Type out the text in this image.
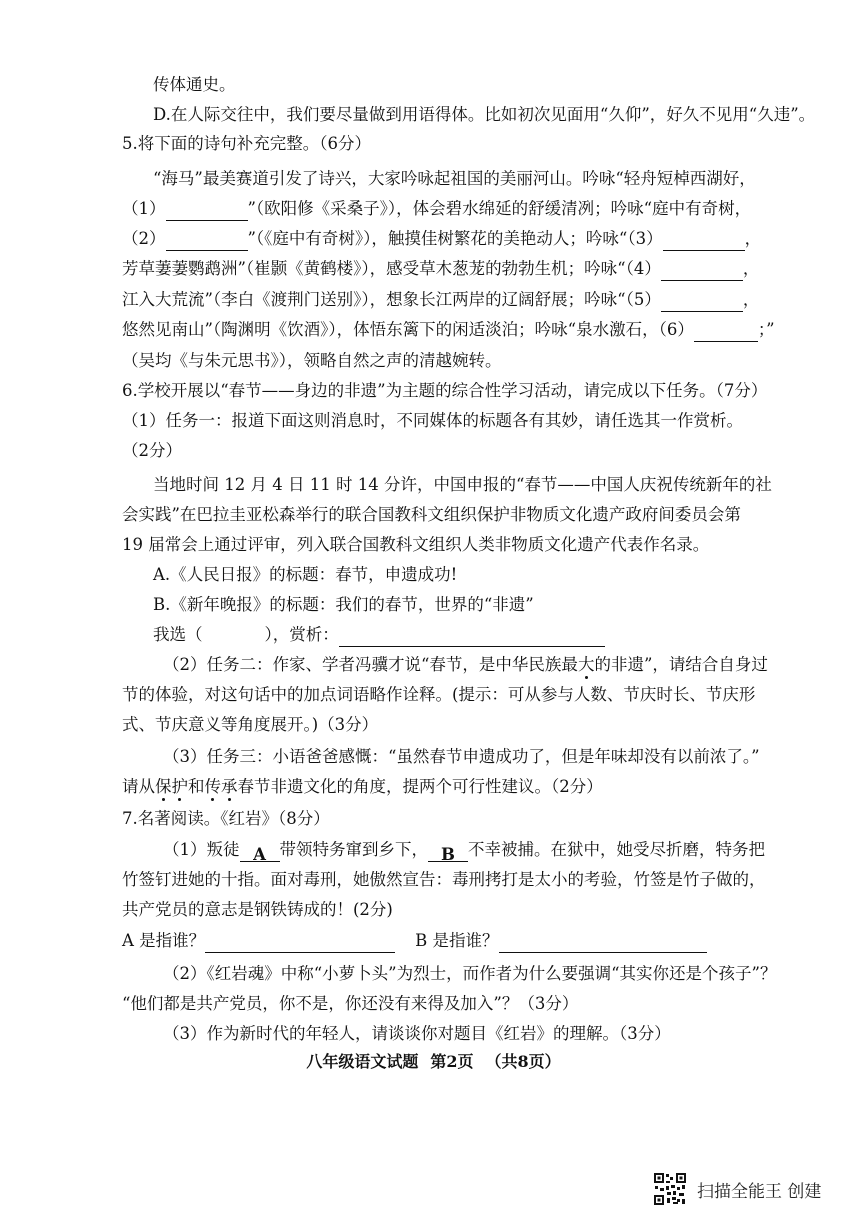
传体通史。
D.在人际交往中，我们要尽量做到用语得体。比如初次见面用“久仰”，好久不见用“久违”。
5.将下面的诗句补充完整。（6分）
“海马”最美赛道引发了诗兴，大家吟咏起祖国的美丽河山。吟咏“轻舟短棹西湖好，
（1）	”（欧阳修《采桑子》），体会碧水绵延的舒缓清冽；吟咏“庭中有奇树，
（2）	”（《庭中有奇树》），触摸佳树繁花的美艳动人；吟咏“（3）	，
芳草萋萋鹦鹉洲”（崔颢《黄鹤楼》），感受草木葱茏的勃勃生机；吟咏“（4）	，
江入大荒流”（李白《渡荆门送别》），想象长江两岸的辽阔舒展；吟咏“（5）	，
悠然见南山”（陶渊明《饮酒》），体悟东篱下的闲适淡泊；吟咏“泉水激石，（6）	；”
（吴均《与朱元思书》），领略自然之声的清越婉转。
6.学校开展以“春节——身边的非遗”为主题的综合性学习活动，请完成以下任务。（7分）
（1）任务一：报道下面这则消息时，不同媒体的标题各有其妙，请任选其一作赏析。
（2分）
当地时间 12 月 4 日 11 时 14 分许，中国申报的“春节——中国人庆祝传统新年的社
会实践”在巴拉圭亚松森举行的联合国教科文组织保护非物质文化遗产政府间委员会第
19 届常会上通过评审，列入联合国教科文组织人类非物质文化遗产代表作名录。
A.《人民日报》的标题：春节，申遗成功!
B.《新年晚报》的标题：我们的春节，世界的“非遗”
我选（	），赏析：
（2）任务二：作家、学者冯骥才说“春节，是中华民族最大的非遗”，请结合自身过
节的体验，对这句话中的加点词语略作诠释。(提示：可从参与人数、节庆时长、节庆形
式、节庆意义等角度展开。)（3分）
（3）任务三：小语爸爸感慨：“虽然春节申遗成功了，但是年味却没有以前浓了。”
请从保护和传承春节非遗文化的角度，提两个可行性建议。（2分）
7.名著阅读。《红岩》（8分）
（1）叛徒 A 带领特务窜到乡下， B 不幸被捕。在狱中，她受尽折磨，特务把
竹签钉进她的十指。面对毒刑，她傲然宣告：毒刑拷打是太小的考验，竹签是竹子做的，
共产党员的意志是钢铁铸成的！(2分)
A 是指谁？	B 是指谁？
（2）《红岩魂》中称“小萝卜头”为烈士，而作者为什么要强调“其实你还是个孩子”？
“他们都是共产党员，你不是，你还没有来得及加入”？（3分）
（3）作为新时代的年轻人，请谈谈你对题目《红岩》的理解。（3分）
八年级语文试题 第2页 （共8页）
扫描全能王 创建
